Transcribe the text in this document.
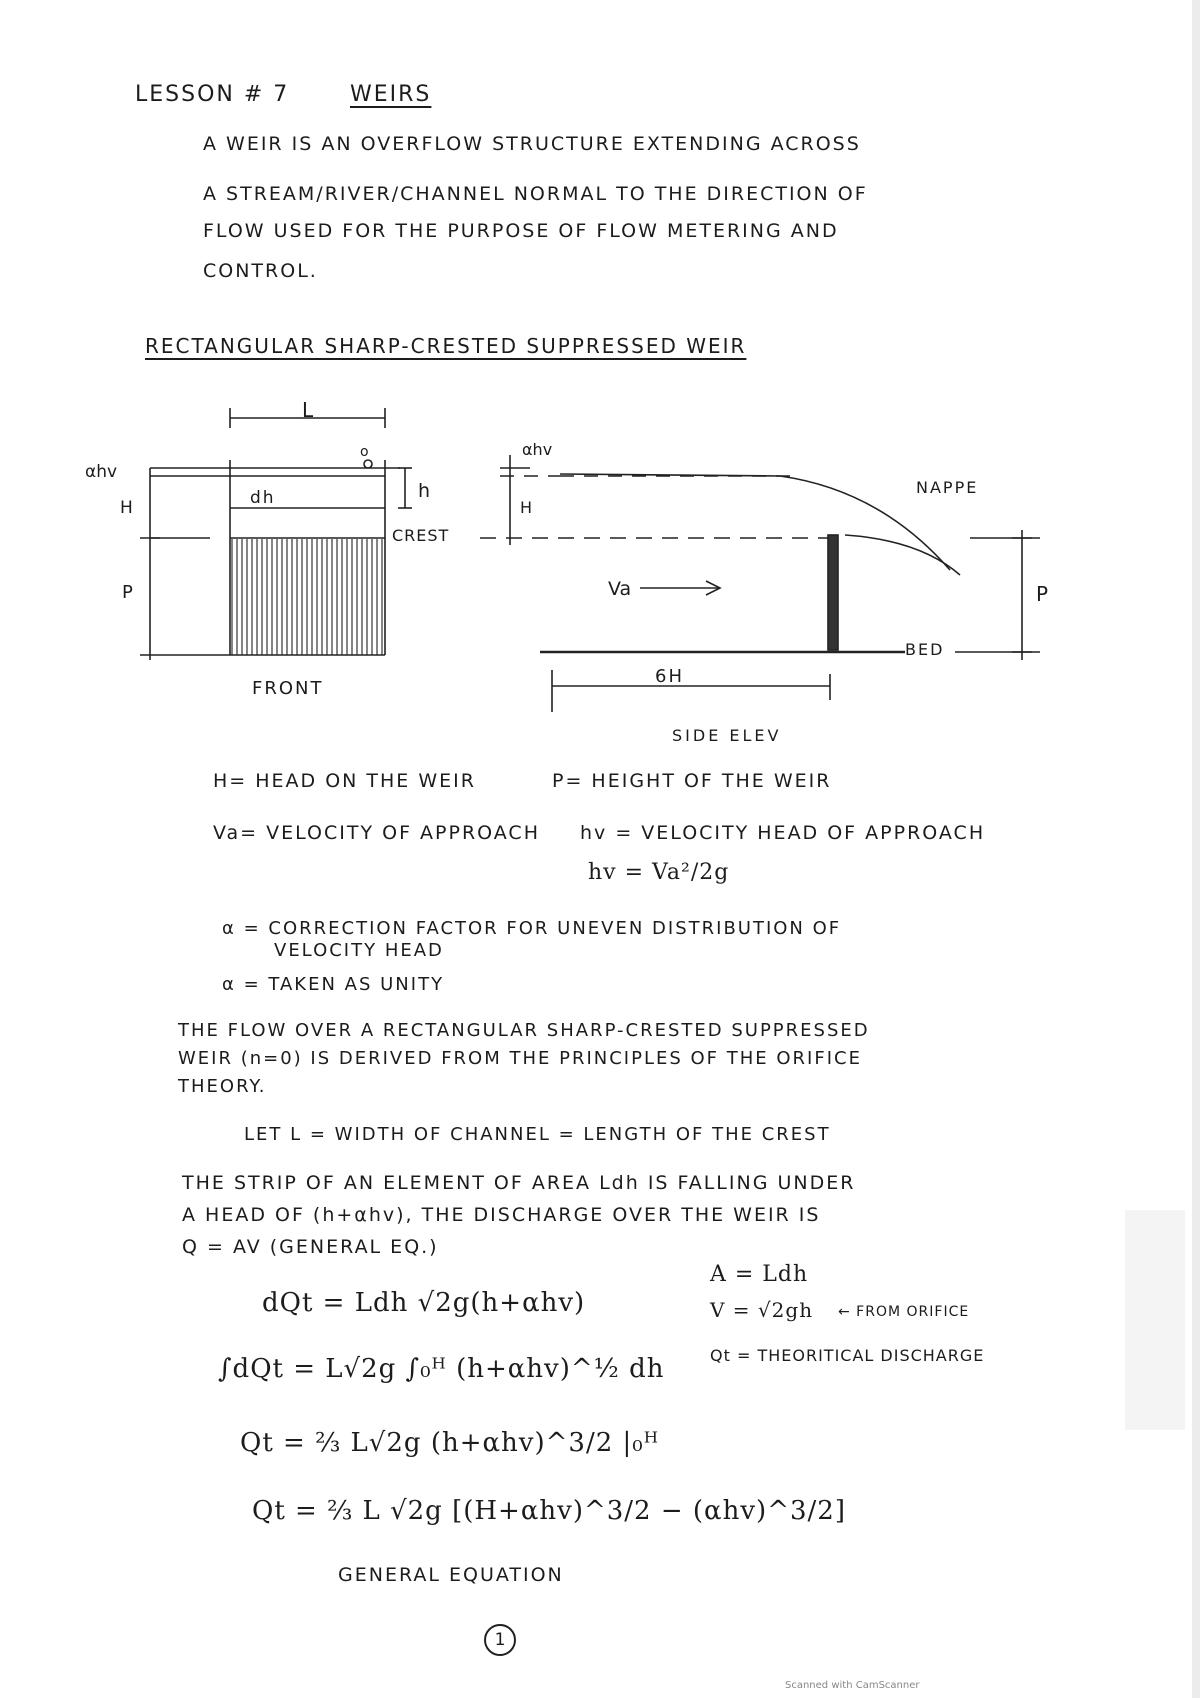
LESSON # 7	WEIRS
A WEIR IS AN OVERFLOW STRUCTURE EXTENDING ACROSS
A STREAM/RIVER/CHANNEL NORMAL TO THE DIRECTION OF
FLOW USED FOR THE PURPOSE OF FLOW METERING AND
CONTROL.
RECTANGULAR SHARP-CRESTED SUPPRESSED WEIR
L
αhv
H
P
dh
o
h
CREST
FRONT
αhv
H
NAPPE
Va
BED
P
6H
SIDE ELEV
H= HEAD ON THE WEIR	P= HEIGHT OF THE WEIR
Va= VELOCITY OF APPROACH hv = VELOCITY HEAD OF APPROACH
hv = Va²/2g
α = CORRECTION FACTOR FOR UNEVEN DISTRIBUTION OF
VELOCITY HEAD
α = TAKEN AS UNITY
THE FLOW OVER A RECTANGULAR SHARP-CRESTED SUPPRESSED
WEIR (n=0) IS DERIVED FROM THE PRINCIPLES OF THE ORIFICE
THEORY.
LET L = WIDTH OF CHANNEL = LENGTH OF THE CREST
THE STRIP OF AN ELEMENT OF AREA Ldh IS FALLING UNDER
A HEAD OF (h+αhv), THE DISCHARGE OVER THE WEIR IS
Q = AV (GENERAL EQ.)
dQt = Ldh √2g(h+αhv)
∫dQt = L√2g ∫₀ᴴ (h+αhv)^½ dh
Qt = ⅔ L√2g (h+αhv)^3/2 |₀ᴴ
Qt = ⅔ L √2g [(H+αhv)^3/2 − (αhv)^3/2]
GENERAL EQUATION
A = Ldh
V = √2gh ← FROM ORIFICE
Qt = THEORITICAL DISCHARGE
1
Scanned with CamScanner
